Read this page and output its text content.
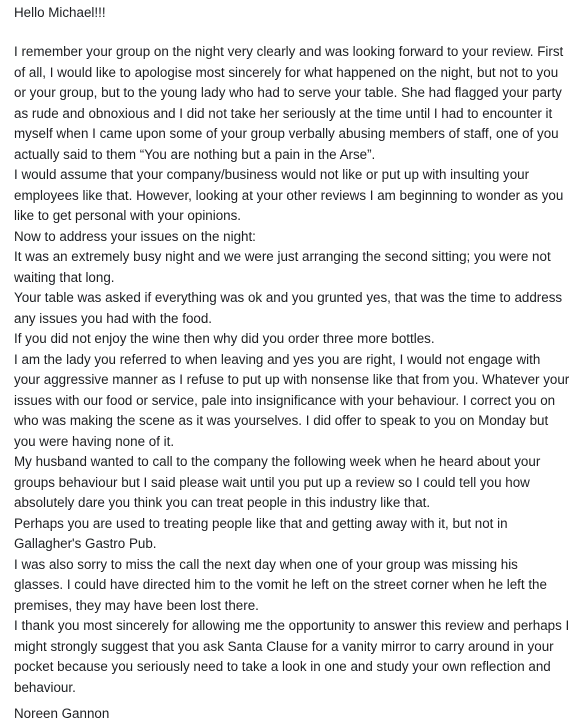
Hello Michael!!!

I remember your group on the night very clearly and was looking forward to your review. First of all, I would like to apologise most sincerely for what happened on the night, but not to you or your group, but to the young lady who had to serve your table. She had flagged your party as rude and obnoxious and I did not take her seriously at the time until I had to encounter it myself when I came upon some of your group verbally abusing members of staff, one of you actually said to them “You are nothing but a pain in the Arse”.

I would assume that your company/business would not like or put up with insulting your employees like that. However, looking at your other reviews I am beginning to wonder as you like to get personal with your opinions.

Now to address your issues on the night:

It was an extremely busy night and we were just arranging the second sitting; you were not waiting that long.

Your table was asked if everything was ok and you grunted yes, that was the time to address any issues you had with the food.

If you did not enjoy the wine then why did you order three more bottles.

I am the lady you referred to when leaving and yes you are right, I would not engage with your aggressive manner as I refuse to put up with nonsense like that from you. Whatever your issues with our food or service, pale into insignificance with your behaviour. I correct you on who was making the scene as it was yourselves. I did offer to speak to you on Monday but you were having none of it.

My husband wanted to call to the company the following week when he heard about your groups behaviour but I said please wait until you put up a review so I could tell you how absolutely dare you think you can treat people in this industry like that.

Perhaps you are used to treating people like that and getting away with it, but not in Gallagher's Gastro Pub.

I was also sorry to miss the call the next day when one of your group was missing his glasses. I could have directed him to the vomit he left on the street corner when he left the premises, they may have been lost there.

I thank you most sincerely for allowing me the opportunity to answer this review and perhaps I might strongly suggest that you ask Santa Clause for a vanity mirror to carry around in your pocket because you seriously need to take a look in one and study your own reflection and behaviour.

Noreen Gannon
